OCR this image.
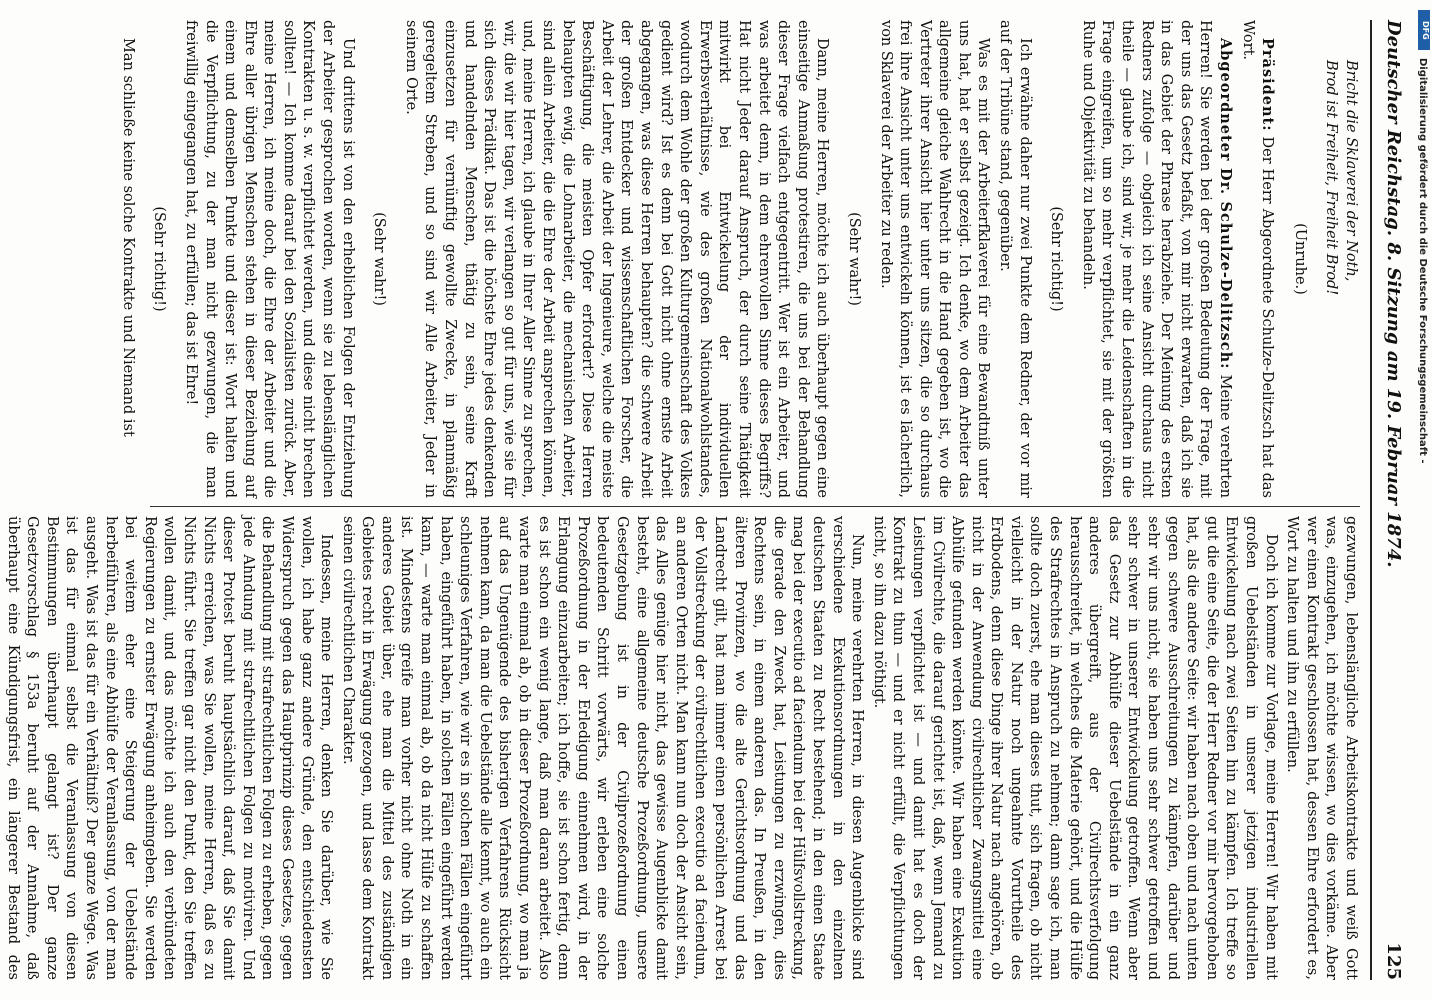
Deutscher Reichstag. 8. Sitzung am 19. Februar 1874.
125

Bricht die Sklaverei der Noth,

Brod ist Freiheit, Freiheit Brod!

(Unruhe.)

Präsident: Der Herr Abgeordnete Schulze-Delitzsch hat das Wort.

Abgeordneter Dr. Schulze-Delitzsch: Meine verehrten Herren! Sie werden bei der großen Bedeutung der Frage, mit der uns das Gesetz befaßt, von mir nicht erwarten, daß ich sie in das Gebiet der Phrase herabziehe. Der Meinung des ersten Redners zufolge — obgleich ich seine Ansicht durchaus nicht theile — glaube ich, sind wir, je mehr die Leidenschaften in die Frage eingreifen, um so mehr verpflichtet, sie mit der größten Ruhe und Objektivität zu behandeln.

(Sehr richtig!)

Ich erwähne daher nur zwei Punkte dem Redner, der vor mir auf der Tribüne stand, gegenüber.

Was es mit der Arbeiterfklaverei für eine Bewandtniß unter uns hat, hat er selbst gezeigt. Ich denke, wo dem Arbeiter das allgemeine gleiche Wahlrecht in die Hand gegeben ist, wo die Vertreter ihrer Ansicht hier unter uns sitzen, die so durchaus frei ihre Ansicht unter uns entwickeln können, ist es lächerlich, von Sklaverei der Arbeiter zu reden.

(Sehr wahr!)

Dann, meine Herren, möchte ich auch überhaupt gegen eine einseitige Anmaßung protestiren, die uns bei der Behandlung dieser Frage vielfach entgegentritt. Wer ist ein Arbeiter, und was arbeitet denn, in dem ehrenvollen Sinne dieses Begriffs? Hat nicht Jeder darauf Anspruch, der durch seine Thätigkeit mitwirkt bei Entwickelung der individuellen Erwerbsverhältnisse, wie des großen Nationalwohlstandes, wodurch dem Wohle der großen Kulturgemeinschaft des Volkes gedient wird? Ist es denn bei Gott nicht ohne ernste Arbeit abgegangen, was diese Herren behaupten? die schwere Arbeit der großen Entdecker und wissenschaftlichen Forscher, die Arbeit der Lehrer, die Arbeit der Ingenieure, welche die meiste Beschäftigung, die meisten Opfer erfordert? Diese Herren behaupten ewig, die Lohnarbeiter, die mechanischen Arbeiter, sind allein Arbeiter, die die Ehre der Arbeit ansprechen können, und, meine Herren, ich glaube in Ihrer Aller Sinne zu sprechen, wir, die wir hier tagen, wir verlangen so gut für uns, wie sie für sich dieses Prädikat. Das ist die höchste Ehre jedes denkenden und handelnden Menschen, thätig zu sein, seine Kraft einzusetzen für vernünftig gewollte Zwecke, in planmäßig geregeltem Streben, und so sind wir Alle Arbeiter, Jeder in seinem Orte.

(Sehr wahr!)

Und drittens ist von den erheblichen Folgen der Entziehung der Arbeiter gesprochen worden, wenn sie zu lebenslänglichen Kontrakten u. s. w. verpflichtet werden, und diese nicht brechen sollten! — Ich komme darauf bei den Sozialisten zurück. Aber, meine Herren, ich meine doch, die Ehre der Arbeiter und die Ehre aller übrigen Menschen stehen in dieser Beziehung auf einem und demselben Punkte und dieser ist: Wort halten und die Verpflichtung, zu der man nicht gezwungen, die man freiwillig eingegangen hat, zu erfüllen; das ist Ehre!

(Sehr richtig!)

Man schließe keine solche Kontrakte und Niemand ist

gezwungen, lebenslängliche Arbeitskontrakte und weiß Gott was, einzugehen, ich möchte wissen, wo dies vorkäme. Aber wer einen Kontrakt geschlossen hat, dessen Ehre erfordert es, Wort zu halten und ihn zu erfüllen.

Doch ich komme zur Vorlage, meine Herren! Wir haben mit großen Uebelständen in unserer jetzigen industriellen Entwickelung nach zwei Seiten hin zu kämpfen. Ich treffe so gut die eine Seite, die der Herr Redner vor mir hervorgehoben hat, als die andere Seite: wir haben nach oben und nach unten gegen schwere Ausschreitungen zu kämpfen, darüber und sehr wir uns nicht, sie haben uns sehr schwer getroffen und sehr schwer in unserer Entwickelung getroffen. Wenn aber das Gesetz zur Abhülfe dieser Uebelstände in ein ganz anderes übergreift, aus der Civilrechtsverfolgung herausschreitet, in welches die Materie gehört, und die Hülfe des Strafrechtes in Anspruch zu nehmen; dann sage ich, man sollte doch zuerst, ehe man dieses thut, sich fragen, ob nicht vielleicht in der Natur noch ungeahnte Vorurtheile des Erdbodens, denn diese Dinge ihrer Natur nach angehören, ob nicht in der Anwendung civilrechtlicher Zwangsmittel eine Abhülfe gefunden werden könnte. Wir haben eine Exekution im Civilrechte, die darauf gerichtet ist, daß, wenn Jemand zu Leistungen verpflichtet ist — und damit hat es doch der Kontrakt zu thun — und er nicht erfüllt, die Verpflichtungen nicht, so ihn dazu nöthigt.

Nun, meine verehrten Herren, in diesen Augenblicke sind verschiedene Exekutionsordnungen in den einzelnen deutschen Staaten zu Recht bestehend; in den einen Staate mag bei der executio ad faciendum bei der Hülfsvollstreckung, die gerade den Zweck hat, Leistungen zu erzwingen, dies Rechtens sein, in einem anderen das. In Preußen, in den älteren Provinzen, wo die alte Gerichtsordnung und das Landrecht gilt, hat man immer einen persönlichen Arrest bei der Vollstreckung der civilrechtlichen executio ad faciendum, an anderen Orten nicht. Man kann nun doch der Ansicht sein, das Alles genüge hier nicht, das gewisse Augenblicke damit besteht, eine allgemeine deutsche Prozeßordnung, unsere Gesetzgebung ist in der Civilprozeßordnung einen bedeutenden Schritt vorwärts, wir erleben eine solche Prozeßordnung in der Erledigung einnehmen wird, in der Erlangung einzuarbeiten; ich hoffe, sie ist schon fertig, denn es ist schon ein wenig lange, daß man daran arbeitet. Also warte man einmal ab, ob in dieser Prozeßordnung, wo man ja auf das Ungenügende des bisherigen Verfahrens Rücksicht nehmen kann, da man die Uebelstände alle kennt, wo auch ein schleuniges Verfahren, wie wir es in solchen Fällen eingeführt haben, eingeführt haben, in solchen Fällen eingeführt werden kann, — warte man einmal ab, ob da nicht Hülfe zu schaffen ist. Mindestens greife man vorher nicht ohne Noth in ein anderes Gebiet über, ehe man die Mittel des zuständigen Gebietes recht in Erwägung gezogen, und lasse dem Kontrakt seinen civilrechtlichen Charakter.

Indessen, meine Herren, denken Sie darüber, wie Sie wollen, ich habe ganz andere Gründe, den entschiedensten Widerspruch gegen das Hauptprinzip dieses Gesetzes, gegen die Behandlung mit strafrechtlichen Folgen zu erheben, gegen jede Ahndung mit strafrechtlichen Folgen zu motiviren. Und dieser Protest beruht hauptsächlich darauf, daß Sie damit Nichts erreichen, was Sie wollen, meine Herren, daß es zu Nichts führt. Sie treffen gar nicht den Punkt, den Sie treffen wollen damit, und das möchte ich auch den verbündeten Regierungen zu ernster Erwägung anheimgeben. Sie werden bei weitem eher eine Steigerung der Uebelstände herbeiführen, als eine Abhülfe der Veranlassung, von der man ausgeht. Was ist das für ein Verhältniß? Der ganze Wege. Was ist das für einmal selbst die Veranlassung von diesen Bestimmungen überhaupt gelangt ist? Der ganze Gesetzvorschlag § 153a beruht auf der Annahme, daß überhaupt eine Kündigungsfrist, ein längerer Bestand des

DFG
Digitalisierung gefördert durch die Deutsche Forschungsgemeinschaft -
